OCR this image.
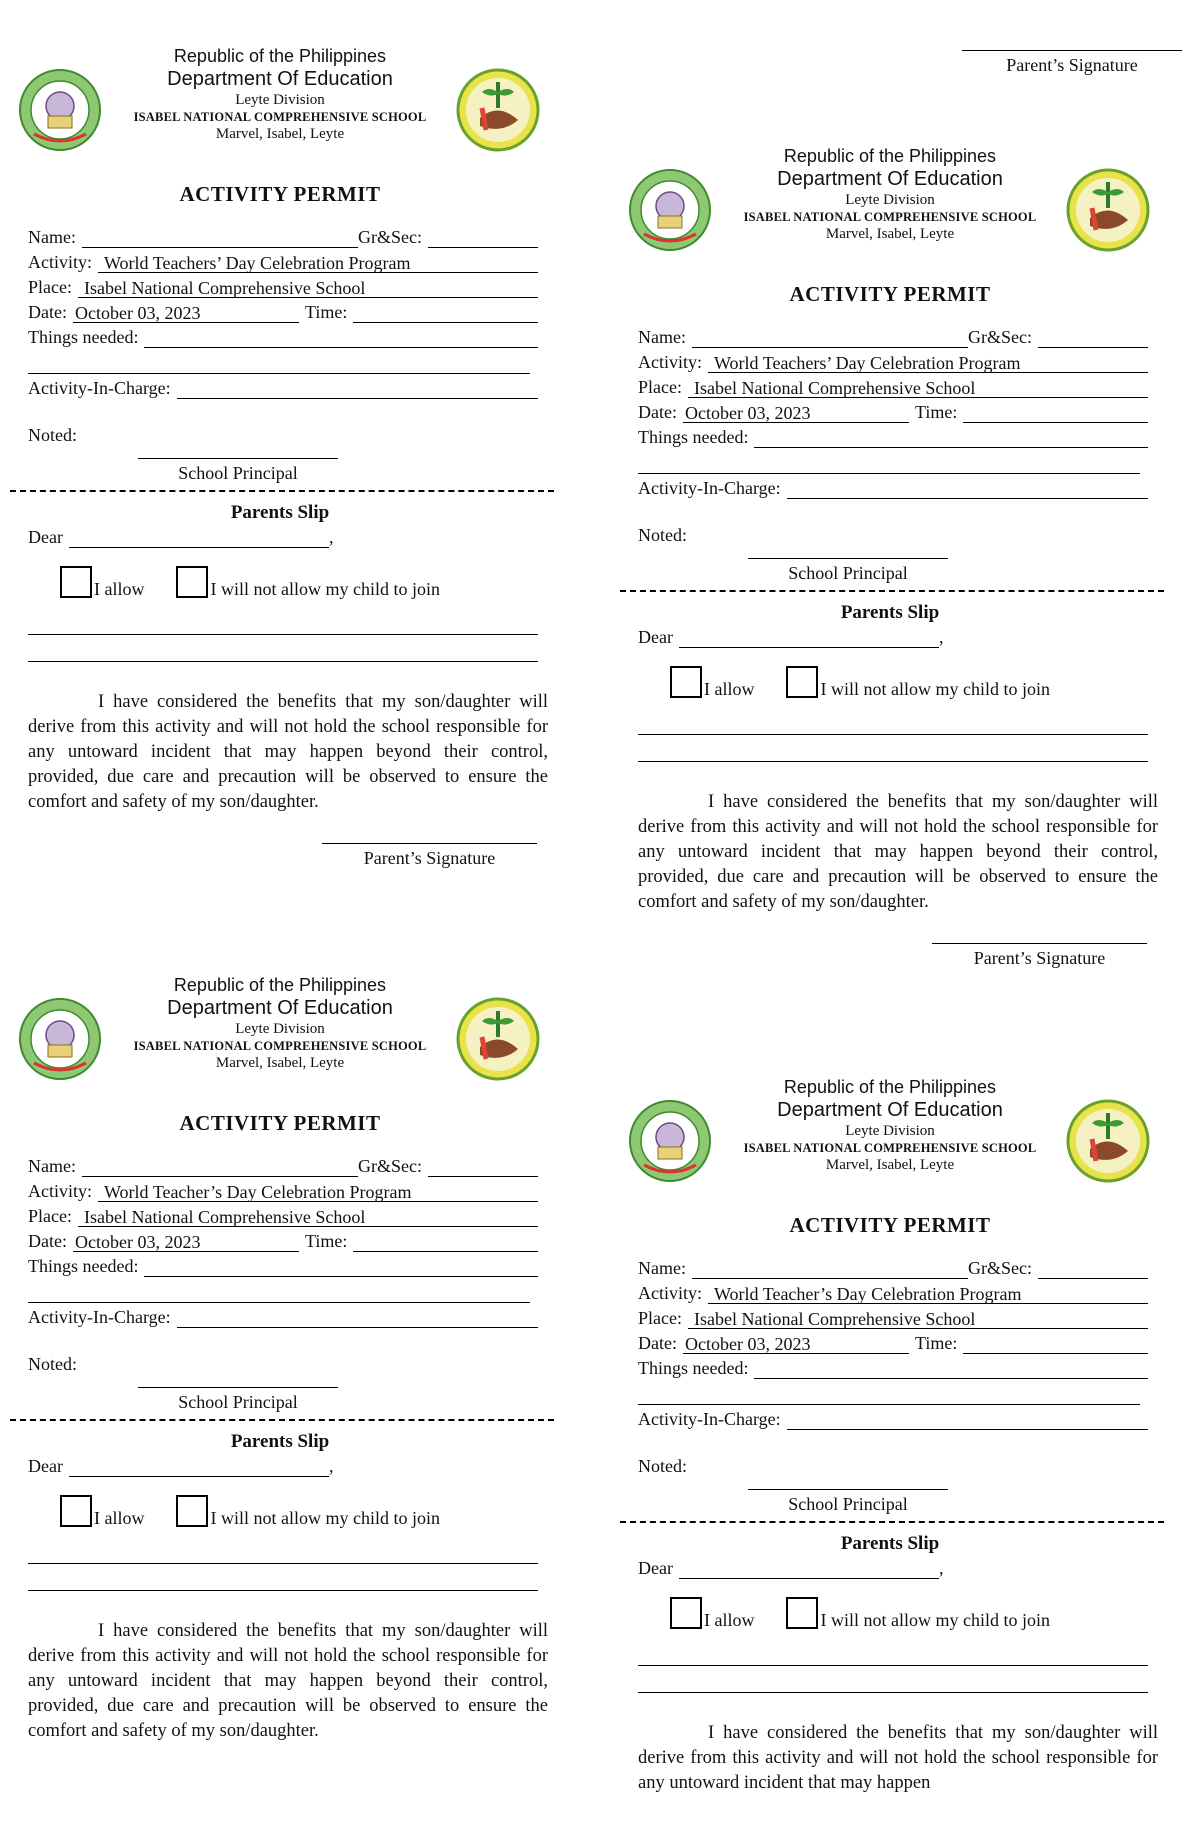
Parent’s Signature
Republic of the Philippines
Department Of Education
Leyte Division
ISABEL NATIONAL COMPREHENSIVE SCHOOL
Marvel, Isabel, Leyte
ACTIVITY PERMIT
Name:	Gr&Sec:
Activity: World Teachers’ Day Celebration Program
Place: Isabel National Comprehensive School
Date: October 03, 2023	Time:
Things needed:
Activity-In-Charge:
Noted:
School Principal
Parents Slip
Dear	,
I allow	I will not allow my child to join

I have considered the benefits that my son/daughter will derive from this activity and will not hold the school responsible for any untoward incident that may happen beyond their control, provided, due care and precaution will be observed to ensure the comfort and safety of my son/daughter.

Parent’s Signature
Republic of the Philippines
Department Of Education
Leyte Division
ISABEL NATIONAL COMPREHENSIVE SCHOOL
Marvel, Isabel, Leyte
ACTIVITY PERMIT
Name:	Gr&Sec:
Activity: World Teachers’ Day Celebration Program
Place: Isabel National Comprehensive School
Date: October 03, 2023	Time:
Things needed:
Activity-In-Charge:
Noted:
School Principal
Parents Slip
Dear	,
I allow	I will not allow my child to join

I have considered the benefits that my son/daughter will derive from this activity and will not hold the school responsible for any untoward incident that may happen beyond their control, provided, due care and precaution will be observed to ensure the comfort and safety of my son/daughter.

Parent’s Signature
Republic of the Philippines
Department Of Education
Leyte Division
ISABEL NATIONAL COMPREHENSIVE SCHOOL
Marvel, Isabel, Leyte
ACTIVITY PERMIT
Name:	Gr&Sec:
Activity: World Teacher’s Day Celebration Program
Place: Isabel National Comprehensive School
Date: October 03, 2023	Time:
Things needed:
Activity-In-Charge:
Noted:
School Principal
Parents Slip
Dear	,
I allow	I will not allow my child to join

I have considered the benefits that my son/daughter will derive from this activity and will not hold the school responsible for any untoward incident that may happen beyond their control, provided, due care and precaution will be observed to ensure the comfort and safety of my son/daughter.

Republic of the Philippines
Department Of Education
Leyte Division
ISABEL NATIONAL COMPREHENSIVE SCHOOL
Marvel, Isabel, Leyte
ACTIVITY PERMIT
Name:	Gr&Sec:
Activity: World Teacher’s Day Celebration Program
Place: Isabel National Comprehensive School
Date: October 03, 2023	Time:
Things needed:
Activity-In-Charge:
Noted:
School Principal
Parents Slip
Dear	,
I allow	I will not allow my child to join

I have considered the benefits that my son/daughter will derive from this activity and will not hold the school responsible for any untoward incident that may happen
